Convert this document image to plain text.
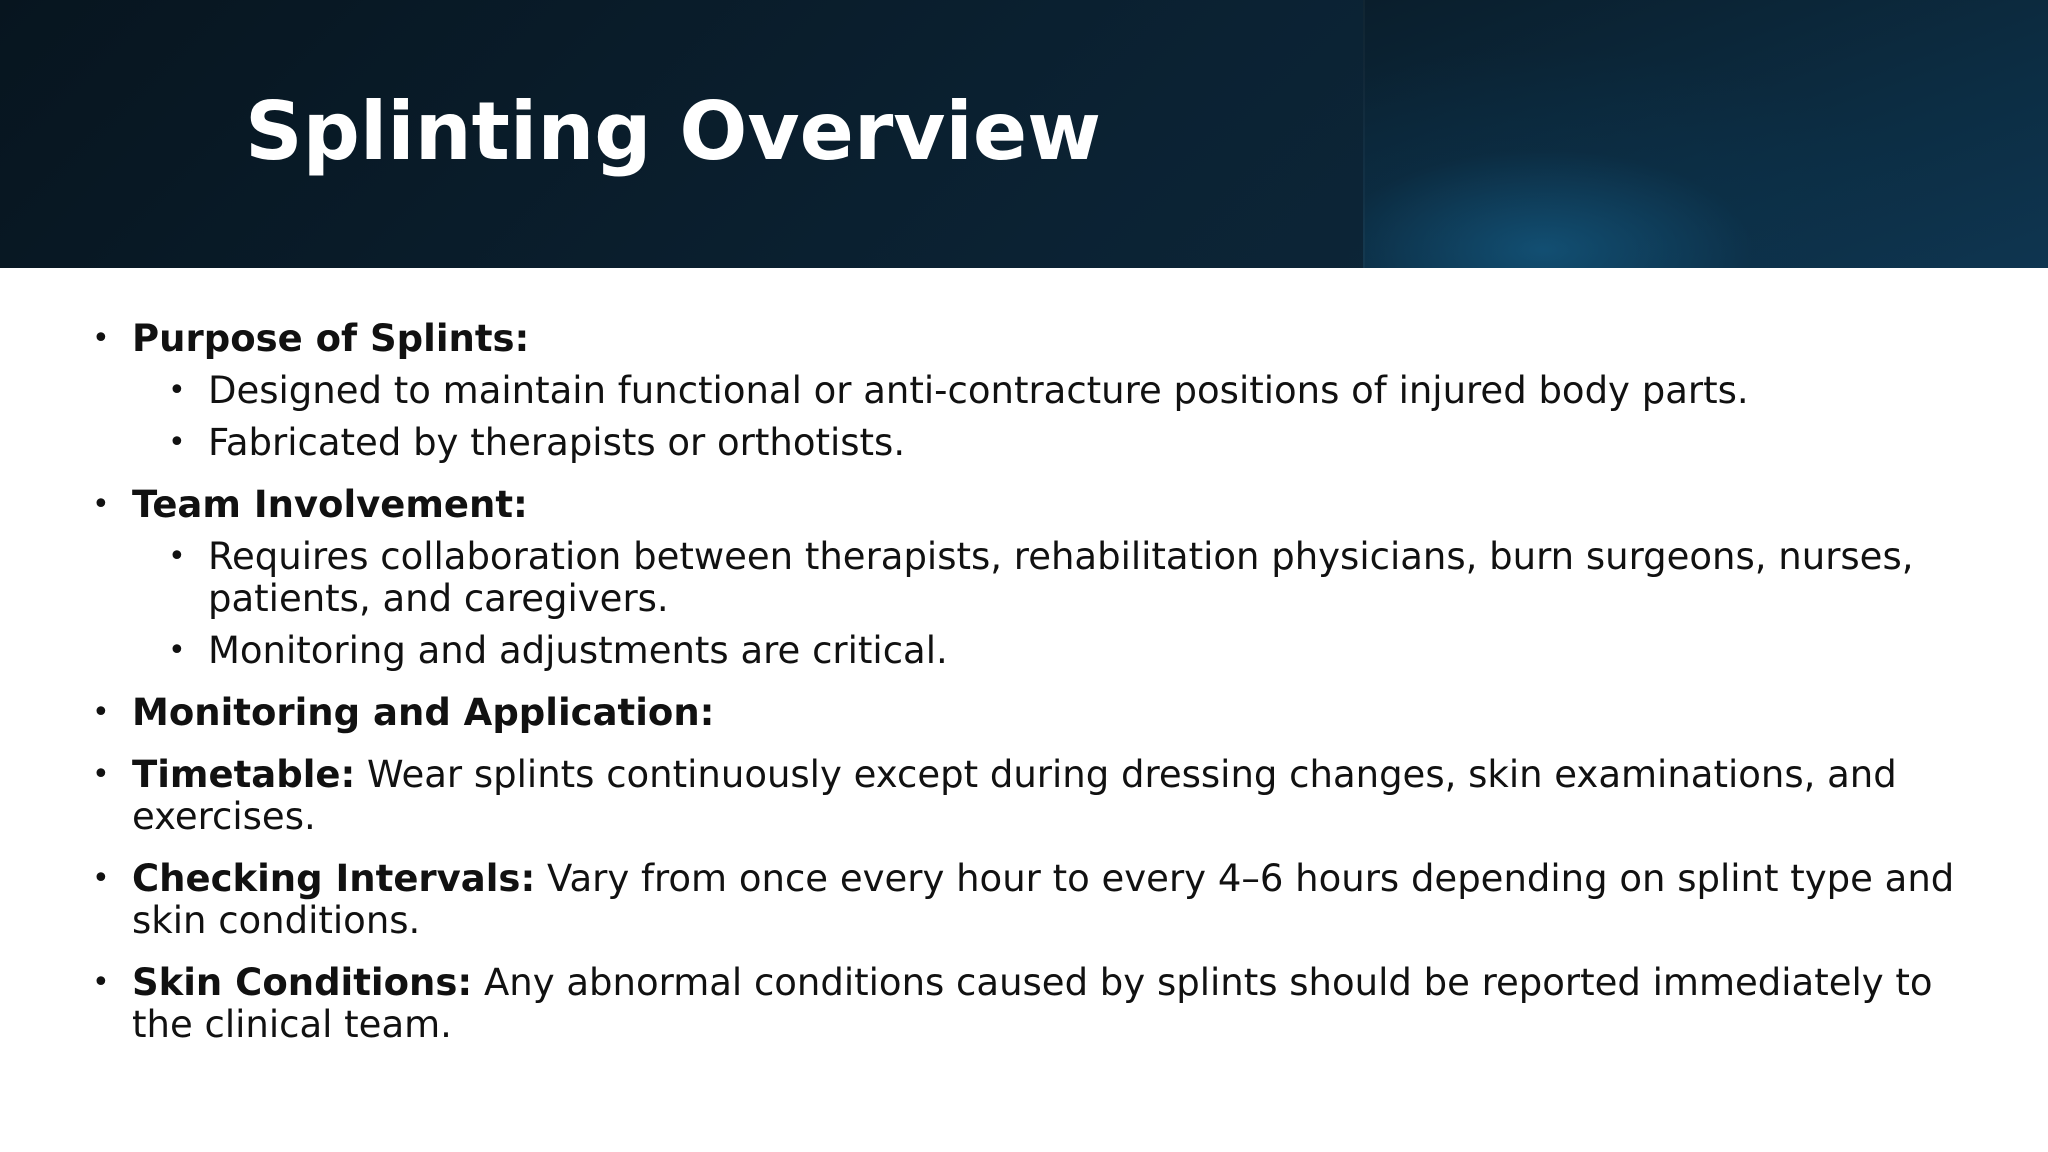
Splinting Overview
• Purpose of Splints:
• Designed to maintain functional or anti-contracture positions of injured body parts.
• Fabricated by therapists or orthotists.
• Team Involvement:
• Requires collaboration between therapists, rehabilitation physicians, burn surgeons, nurses, patients, and caregivers.
• Monitoring and adjustments are critical.
• Monitoring and Application:
• Timetable: Wear splints continuously except during dressing changes, skin examinations, and exercises.
• Checking Intervals: Vary from once every hour to every 4–6 hours depending on splint type and skin conditions.
• Skin Conditions: Any abnormal conditions caused by splints should be reported immediately to the clinical team.
